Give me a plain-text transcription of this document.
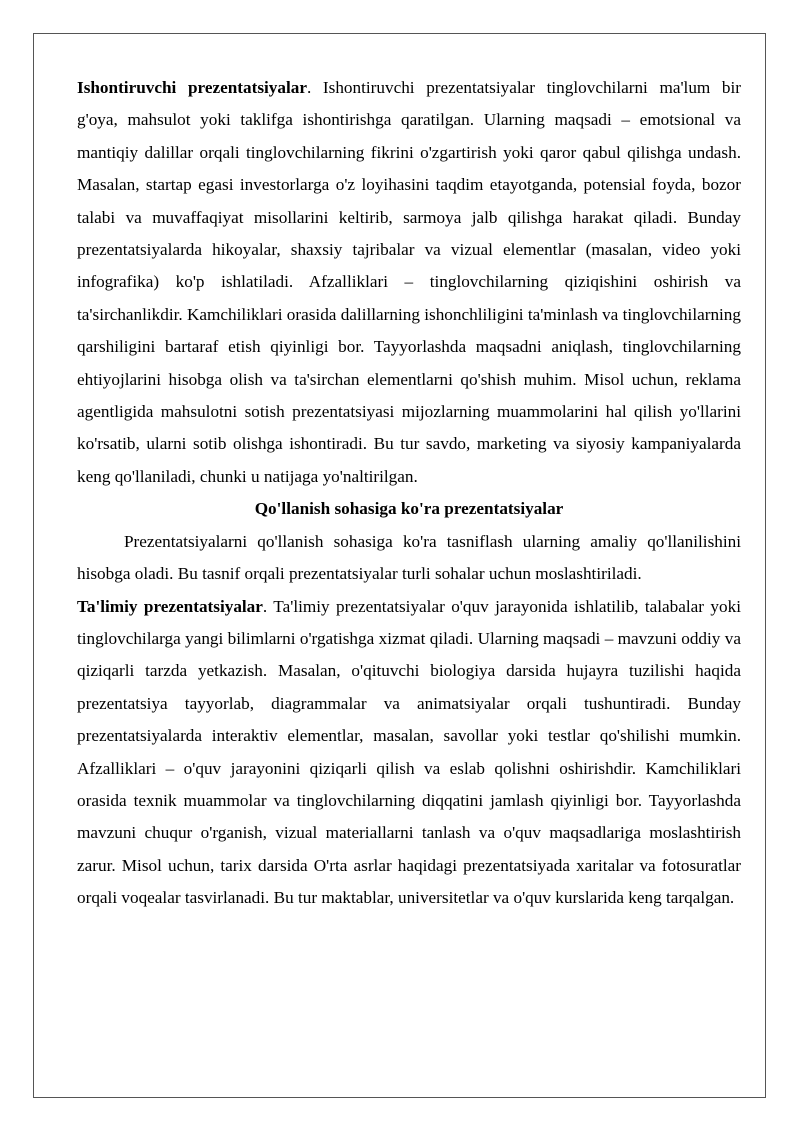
Ishontiruvchi prezentatsiyalar. Ishontiruvchi prezentatsiyalar tinglovchilarni ma'lum bir g'oya, mahsulot yoki taklifga ishontirishga qaratilgan. Ularning maqsadi – emotsional va mantiqiy dalillar orqali tinglovchilarning fikrini o'zgartirish yoki qaror qabul qilishga undash. Masalan, startap egasi investorlarga o'z loyihasini taqdim etayotganda, potensial foyda, bozor talabi va muvaffaqiyat misollarini keltirib, sarmoya jalb qilishga harakat qiladi. Bunday prezentatsiyalarda hikoyalar, shaxsiy tajribalar va vizual elementlar (masalan, video yoki infografika) ko'p ishlatiladi. Afzalliklari – tinglovchilarning qiziqishini oshirish va ta'sirchanlikdir. Kamchiliklari orasida dalillarning ishonchliligini ta'minlash va tinglovchilarning qarshiligini bartaraf etish qiyinligi bor. Tayyorlashda maqsadni aniqlash, tinglovchilarning ehtiyojlarini hisobga olish va ta'sirchan elementlarni qo'shish muhim. Misol uchun, reklama agentligida mahsulotni sotish prezentatsiyasi mijozlarning muammolarini hal qilish yo'llarini ko'rsatib, ularni sotib olishga ishontiradi. Bu tur savdo, marketing va siyosiy kampaniyalarda keng qo'llaniladi, chunki u natijaga yo'naltirilgan.

Qo'llanish sohasiga ko'ra prezentatsiyalar

Prezentatsiyalarni qo'llanish sohasiga ko'ra tasniflash ularning amaliy qo'llanilishini hisobga oladi. Bu tasnif orqali prezentatsiyalar turli sohalar uchun moslashtiriladi.

Ta'limiy prezentatsiyalar. Ta'limiy prezentatsiyalar o'quv jarayonida ishlatilib, talabalar yoki tinglovchilarga yangi bilimlarni o'rgatishga xizmat qiladi. Ularning maqsadi – mavzuni oddiy va qiziqarli tarzda yetkazish. Masalan, o'qituvchi biologiya darsida hujayra tuzilishi haqida prezentatsiya tayyorlab, diagrammalar va animatsiyalar orqali tushuntiradi. Bunday prezentatsiyalarda interaktiv elementlar, masalan, savollar yoki testlar qo'shilishi mumkin. Afzalliklari – o'quv jarayonini qiziqarli qilish va eslab qolishni oshirishdir. Kamchiliklari orasida texnik muammolar va tinglovchilarning diqqatini jamlash qiyinligi bor. Tayyorlashda mavzuni chuqur o'rganish, vizual materiallarni tanlash va o'quv maqsadlariga moslashtirish zarur. Misol uchun, tarix darsida O'rta asrlar haqidagi prezentatsiyada xaritalar va fotosuratlar orqali voqealar tasvirlanadi. Bu tur maktablar, universitetlar va o'quv kurslarida keng tarqalgan.
